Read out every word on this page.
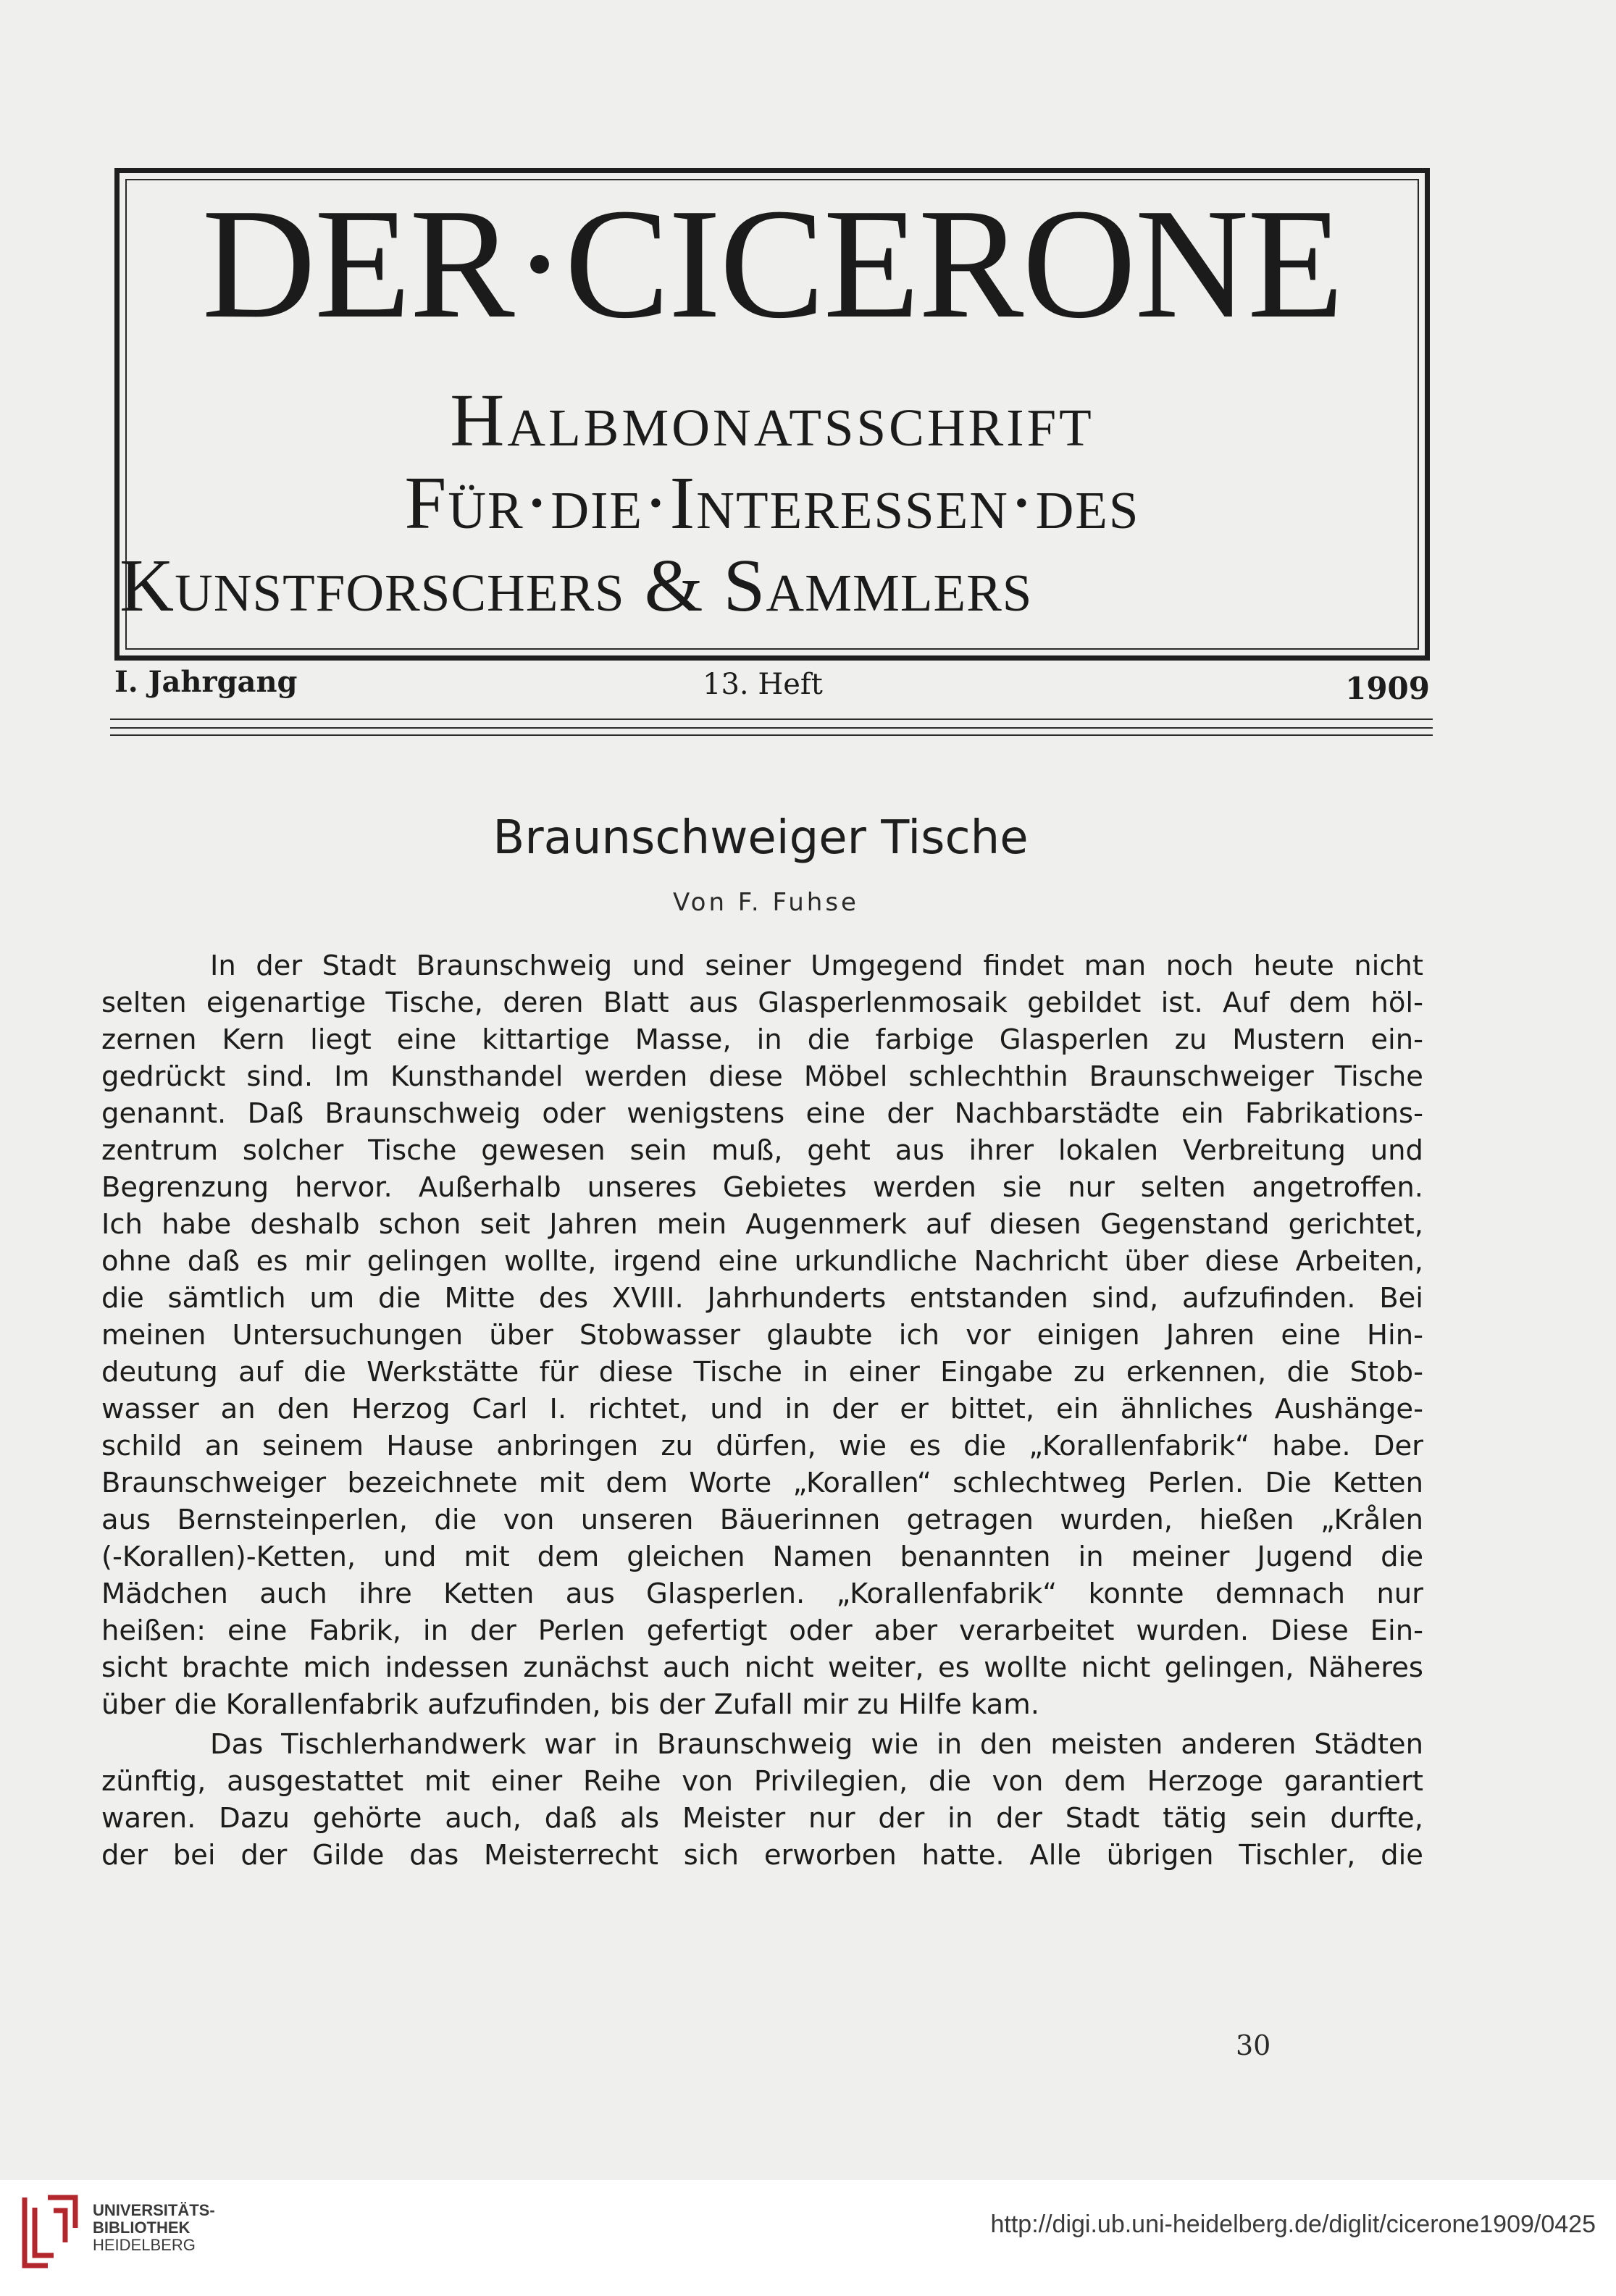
DER·CICERONE
Halbmonatsschrift
Für·die·Interessen·des
Kunstforschers & Sammlers
I. Jahrgang	13. Heft	1909
Braunschweiger Tische
Von F. Fuhse
In der Stadt Braunschweig und seiner Umgegend findet man noch heute nicht
selten eigenartige Tische, deren Blatt aus Glasperlenmosaik gebildet ist. Auf dem höl-
zernen Kern liegt eine kittartige Masse, in die farbige Glasperlen zu Mustern ein-
gedrückt sind. Im Kunsthandel werden diese Möbel schlechthin Braunschweiger Tische
genannt. Daß Braunschweig oder wenigstens eine der Nachbarstädte ein Fabrikations-
zentrum solcher Tische gewesen sein muß, geht aus ihrer lokalen Verbreitung und
Begrenzung hervor. Außerhalb unseres Gebietes werden sie nur selten angetroffen.
Ich habe deshalb schon seit Jahren mein Augenmerk auf diesen Gegenstand gerichtet,
ohne daß es mir gelingen wollte, irgend eine urkundliche Nachricht über diese Arbeiten,
die sämtlich um die Mitte des XVIII. Jahrhunderts entstanden sind, aufzufinden. Bei
meinen Untersuchungen über Stobwasser glaubte ich vor einigen Jahren eine Hin-
deutung auf die Werkstätte für diese Tische in einer Eingabe zu erkennen, die Stob-
wasser an den Herzog Carl I. richtet, und in der er bittet, ein ähnliches Aushänge-
schild an seinem Hause anbringen zu dürfen, wie es die „Korallenfabrik“ habe. Der
Braunschweiger bezeichnete mit dem Worte „Korallen“ schlechtweg Perlen. Die Ketten
aus Bernsteinperlen, die von unseren Bäuerinnen getragen wurden, hießen „Krålen
(-Korallen)-Ketten, und mit dem gleichen Namen benannten in meiner Jugend die
Mädchen auch ihre Ketten aus Glasperlen. „Korallenfabrik“ konnte demnach nur
heißen: eine Fabrik, in der Perlen gefertigt oder aber verarbeitet wurden. Diese Ein-
sicht brachte mich indessen zunächst auch nicht weiter, es wollte nicht gelingen, Näheres
über die Korallenfabrik aufzufinden, bis der Zufall mir zu Hilfe kam.
Das Tischlerhandwerk war in Braunschweig wie in den meisten anderen Städten
zünftig, ausgestattet mit einer Reihe von Privilegien, die von dem Herzoge garantiert
waren. Dazu gehörte auch, daß als Meister nur der in der Stadt tätig sein durfte,
der bei der Gilde das Meisterrecht sich erworben hatte. Alle übrigen Tischler, die
30
UNIVERSITÄTS-
BIBLIOTHEK
HEIDELBERG
http://digi.ub.uni-heidelberg.de/diglit/cicerone1909/0425
